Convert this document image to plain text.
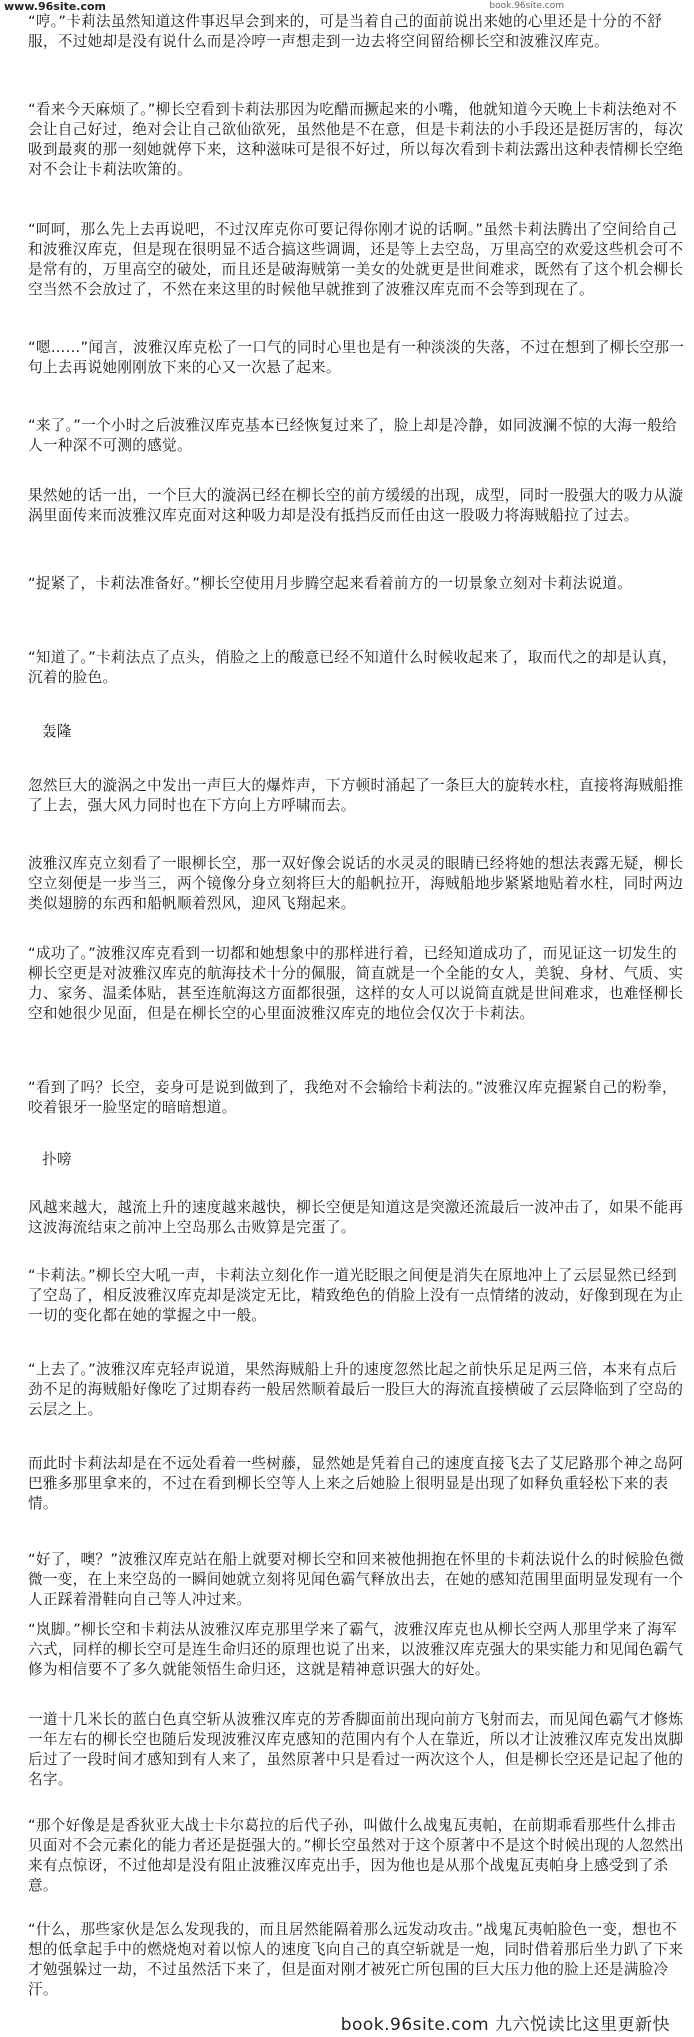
www.96site.com	book.96site.com
“哼。”卡莉法虽然知道这件事迟早会到来的，可是当着自己的面前说出来她的心里还是十分的不舒服，不过她却是没有说什么而是冷哼一声想走到一边去将空间留给柳长空和波雅汉库克。
“看来今天麻烦了。”柳长空看到卡莉法那因为吃醋而撅起来的小嘴，他就知道今天晚上卡莉法绝对不会让自己好过，绝对会让自己欲仙欲死，虽然他是不在意，但是卡莉法的小手段还是挺厉害的，每次吸到最爽的那一刻她就停下来，这种滋味可是很不好过，所以每次看到卡莉法露出这种表情柳长空绝对不会让卡莉法吹箫的。
“呵呵，那么先上去再说吧，不过汉库克你可要记得你刚才说的话啊。”虽然卡莉法腾出了空间给自己和波雅汉库克，但是现在很明显不适合搞这些调调，还是等上去空岛，万里高空的欢爱这些机会可不是常有的，万里高空的破处，而且还是破海贼第一美女的处就更是世间难求，既然有了这个机会柳长空当然不会放过了，不然在来这里的时候他早就推到了波雅汉库克而不会等到现在了。
“嗯……”闻言，波雅汉库克松了一口气的同时心里也是有一种淡淡的失落，不过在想到了柳长空那一句上去再说她刚刚放下来的心又一次悬了起来。
“来了。”一个小时之后波雅汉库克基本已经恢复过来了，脸上却是冷静，如同波澜不惊的大海一般给人一种深不可测的感觉。
果然她的话一出，一个巨大的漩涡已经在柳长空的前方缓缓的出现，成型，同时一股强大的吸力从漩涡里面传来而波雅汉库克面对这种吸力却是没有抵挡反而任由这一股吸力将海贼船拉了过去。
“捉紧了，卡莉法准备好。”柳长空使用月步腾空起来看着前方的一切景象立刻对卡莉法说道。
“知道了。”卡莉法点了点头，俏脸之上的酸意已经不知道什么时候收起来了，取而代之的却是认真，沉着的脸色。
轰隆
忽然巨大的漩涡之中发出一声巨大的爆炸声，下方顿时涌起了一条巨大的旋转水柱，直接将海贼船推了上去，强大风力同时也在下方向上方呼啸而去。
波雅汉库克立刻看了一眼柳长空，那一双好像会说话的水灵灵的眼睛已经将她的想法表露无疑，柳长空立刻便是一步当三，两个镜像分身立刻将巨大的船帆拉开，海贼船地步紧紧地贴着水柱，同时两边类似翅膀的东西和船帆顺着烈风，迎风飞翔起来。
“成功了。”波雅汉库克看到一切都和她想象中的那样进行着，已经知道成功了，而见证这一切发生的柳长空更是对波雅汉库克的航海技术十分的佩服，简直就是一个全能的女人，美貌、身材、气质、实力、家务、温柔体贴，甚至连航海这方面都很强，这样的女人可以说简直就是世间难求，也难怪柳长空和她很少见面，但是在柳长空的心里面波雅汉库克的地位会仅次于卡莉法。
“看到了吗？长空，妾身可是说到做到了，我绝对不会输给卡莉法的。”波雅汉库克握紧自己的粉拳，咬着银牙一脸坚定的暗暗想道。
扑嗙
风越来越大，越流上升的速度越来越快，柳长空便是知道这是突激还流最后一波冲击了，如果不能再这波海流结束之前冲上空岛那么击败算是完蛋了。
“卡莉法。”柳长空大吼一声，卡莉法立刻化作一道光眨眼之间便是消失在原地冲上了云层显然已经到了空岛了，相反波雅汉库克却是淡定无比，精致绝色的俏脸上没有一点情绪的波动，好像到现在为止一切的变化都在她的掌握之中一般。
“上去了。”波雅汉库克轻声说道，果然海贼船上升的速度忽然比起之前快乐足足两三倍，本来有点后劲不足的海贼船好像吃了过期春药一般居然顺着最后一股巨大的海流直接横破了云层降临到了空岛的云层之上。
而此时卡莉法却是在不远处看着一些树藤，显然她是凭着自己的速度直接飞去了艾尼路那个神之岛阿巴雅多那里拿来的，不过在看到柳长空等人上来之后她脸上很明显是出现了如释负重轻松下来的表情。
“好了，噢？”波雅汉库克站在船上就要对柳长空和回来被他拥抱在怀里的卡莉法说什么的时候脸色微微一变，在上来空岛的一瞬间她就立刻将见闻色霸气释放出去，在她的感知范围里面明显发现有一个人正踩着滑鞋向自己等人冲过来。
“岚脚。”柳长空和卡莉法从波雅汉库克那里学来了霸气，波雅汉库克也从柳长空两人那里学来了海军六式，同样的柳长空可是连生命归还的原理也说了出来，以波雅汉库克强大的果实能力和见闻色霸气修为相信要不了多久就能领悟生命归还，这就是精神意识强大的好处。
一道十几米长的蓝白色真空斩从波雅汉库克的芳香脚面前出现向前方飞射而去，而见闻色霸气才修炼一年左右的柳长空也随后发现波雅汉库克感知的范围内有个人在靠近，所以才让波雅汉库克发出岚脚后过了一段时间才感知到有人来了，虽然原著中只是看过一两次这个人，但是柳长空还是记起了他的名字。
“那个好像是是香狄亚大战士卡尔葛拉的后代子孙，叫做什么战鬼瓦夷帕，在前期乖看那些什么排击贝面对不会元素化的能力者还是挺强大的。”柳长空虽然对于这个原著中不是这个时候出现的人忽然出来有点惊讶，不过他却是没有阻止波雅汉库克出手，因为他也是从那个战鬼瓦夷帕身上感受到了杀意。
“什么，那些家伙是怎么发现我的，而且居然能隔着那么远发动攻击。”战鬼瓦夷帕脸色一变，想也不想的低拿起手中的燃烧炮对着以惊人的速度飞向自己的真空斩就是一炮，同时借着那后坐力趴了下来才勉强躲过一劫，不过虽然活下来了，但是面对刚才被死亡所包围的巨大压力他的脸上还是满脸冷汗。
book.96site.com 九六悦读比这里更新快
